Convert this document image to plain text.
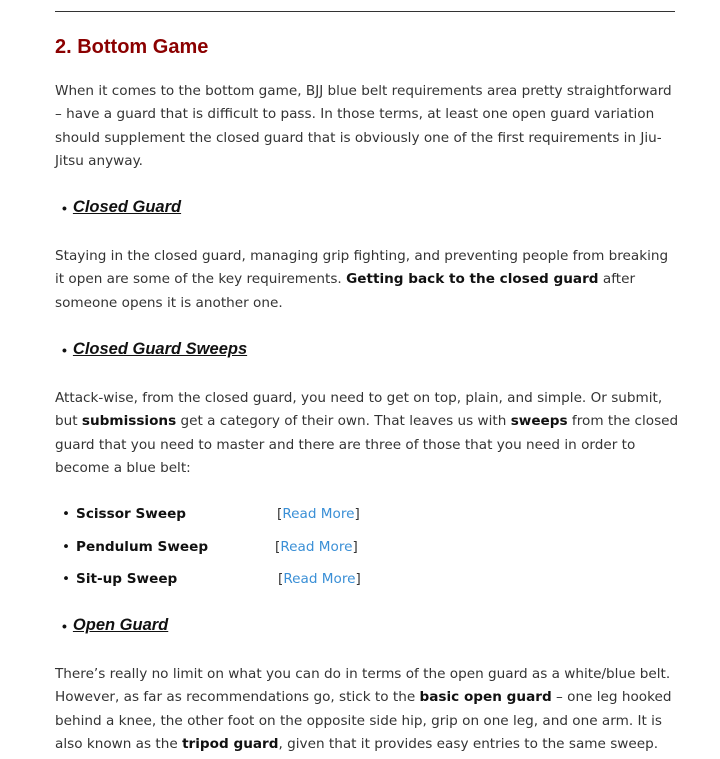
2. Bottom Game

When it comes to the bottom game, BJJ blue belt requirements area pretty straightforward – have a guard that is difficult to pass. In those terms, at least one open guard variation should supplement the closed guard that is obviously one of the first requirements in Jiu-Jitsu anyway.

• Closed Guard

Staying in the closed guard, managing grip fighting, and preventing people from breaking it open are some of the key requirements. Getting back to the closed guard after someone opens it is another one.

• Closed Guard Sweeps

Attack-wise, from the closed guard, you need to get on top, plain, and simple. Or submit, but submissions get a category of their own. That leaves us with sweeps from the closed guard that you need to master and there are three of those that you need in order to become a blue belt:

• Scissor Sweep	[Read More]
• Pendulum Sweep	[Read More]
• Sit-up Sweep	[Read More]
• Open Guard

There’s really no limit on what you can do in terms of the open guard as a white/blue belt. However, as far as recommendations go, stick to the basic open guard – one leg hooked behind a knee, the other foot on the opposite side hip, grip on one leg, and one arm. It is also known as the tripod guard, given that it provides easy entries to the same sweep.
